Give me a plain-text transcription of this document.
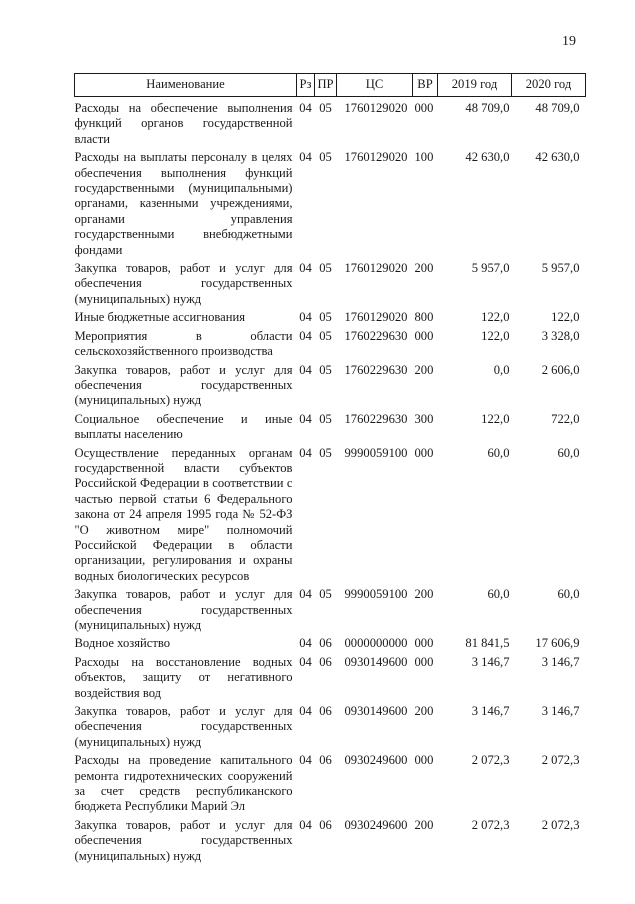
19
Наименование	Рз	ПР	ЦС	ВР	2019 год	2020 год

Расходы на обеспечение выполнения функций органов государственной власти	04	05	1760129020	000	48 709,0	48 709,0
Расходы на выплаты персоналу в целях обеспечения выполнения функций государственными (муниципальными) органами, казенными учреждениями, органами управления государственными внебюджетными фондами	04	05	1760129020	100	42 630,0	42 630,0
Закупка товаров, работ и услуг для обеспечения государственных (муниципальных) нужд	04	05	1760129020	200	5 957,0	5 957,0
Иные бюджетные ассигнования	04	05	1760129020	800	122,0	122,0
Мероприятия в области сельскохозяйственного производства	04	05	1760229630	000	122,0	3 328,0
Закупка товаров, работ и услуг для обеспечения государственных (муниципальных) нужд	04	05	1760229630	200	0,0	2 606,0
Социальное обеспечение и иные выплаты населению	04	05	1760229630	300	122,0	722,0
Осуществление переданных органам государственной власти субъектов Российской Федерации в соответствии с частью первой статьи 6 Федерального закона от 24 апреля 1995 года № 52-ФЗ "О животном мире" полномочий Российской Федерации в области организации, регулирования и охраны водных биологических ресурсов	04	05	9990059100	000	60,0	60,0
Закупка товаров, работ и услуг для обеспечения государственных (муниципальных) нужд	04	05	9990059100	200	60,0	60,0
Водное хозяйство	04	06	0000000000	000	81 841,5	17 606,9
Расходы на восстановление водных объектов, защиту от негативного воздействия вод	04	06	0930149600	000	3 146,7	3 146,7
Закупка товаров, работ и услуг для обеспечения государственных (муниципальных) нужд	04	06	0930149600	200	3 146,7	3 146,7
Расходы на проведение капитального ремонта гидротехнических сооружений за счет средств республиканского бюджета Республики Марий Эл	04	06	0930249600	000	2 072,3	2 072,3
Закупка товаров, работ и услуг для обеспечения государственных (муниципальных) нужд	04	06	0930249600	200	2 072,3	2 072,3
